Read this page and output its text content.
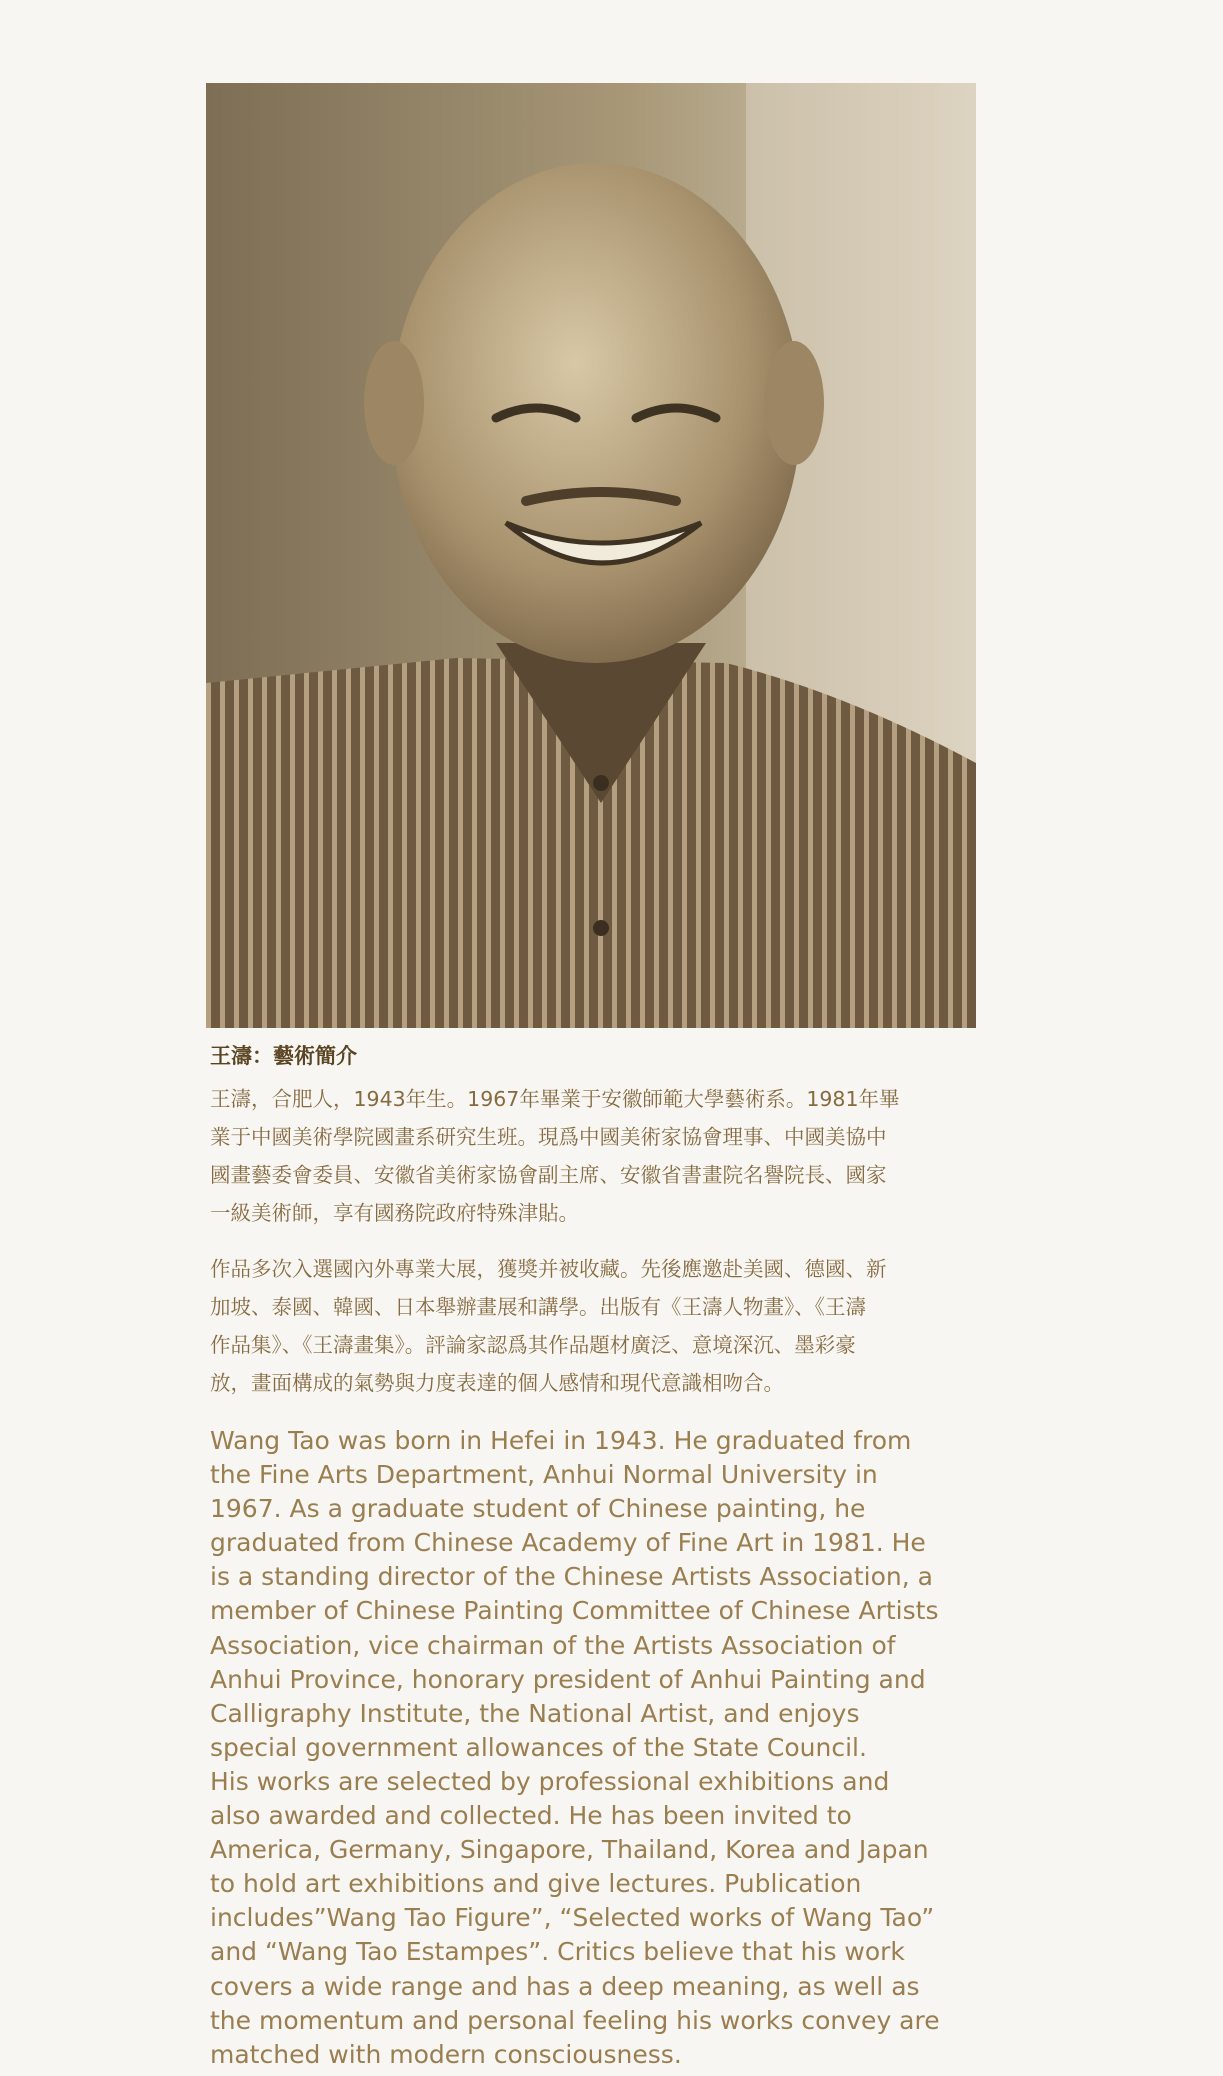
王濤：藝術簡介

王濤，合肥人，1943年生。1967年畢業于安徽師範大學藝術系。1981年畢
業于中國美術學院國畫系研究生班。現爲中國美術家協會理事、中國美協中
國畫藝委會委員、安徽省美術家協會副主席、安徽省書畫院名譽院長、國家
一級美術師，享有國務院政府特殊津貼。

作品多次入選國內外專業大展，獲獎并被收藏。先後應邀赴美國、德國、新
加坡、泰國、韓國、日本舉辦畫展和講學。出版有《王濤人物畫》、《王濤
作品集》、《王濤畫集》。評論家認爲其作品題材廣泛、意境深沉、墨彩豪
放，畫面構成的氣勢與力度表達的個人感情和現代意識相吻合。

Wang Tao was born in Hefei in 1943. He graduated from
the Fine Arts Department, Anhui Normal University in
1967. As a graduate student of Chinese painting, he
graduated from Chinese Academy of Fine Art in 1981. He
is a standing director of the Chinese Artists Association, a
member of Chinese Painting Committee of Chinese Artists
Association, vice chairman of the Artists Association of
Anhui Province, honorary president of Anhui Painting and
Calligraphy Institute, the National Artist, and enjoys
special government allowances of the State Council.
His works are selected by professional exhibitions and
also awarded and collected. He has been invited to
America, Germany, Singapore, Thailand, Korea and Japan
to hold art exhibitions and give lectures. Publication
includes”Wang Tao Figure”, “Selected works of Wang Tao”
and “Wang Tao Estampes”. Critics believe that his work
covers a wide range and has a deep meaning, as well as
the momentum and personal feeling his works convey are
matched with modern consciousness.
